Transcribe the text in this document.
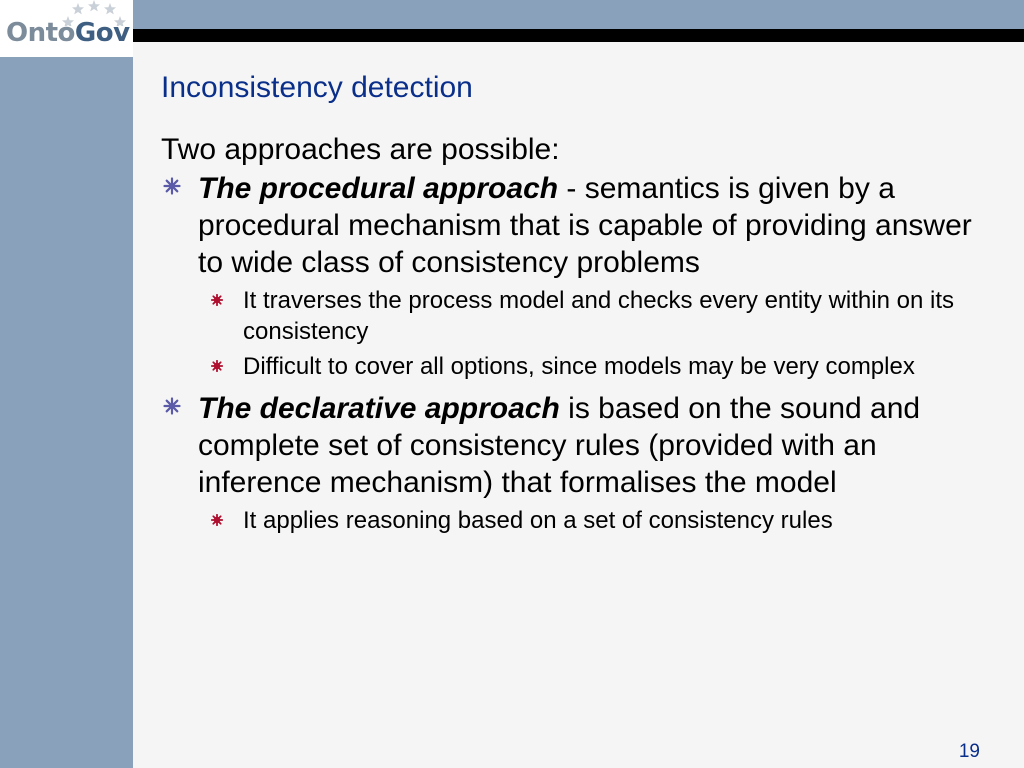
OntoGov
Inconsistency detection
Two approaches are possible:
The procedural approach - semantics is given by a procedural mechanism that is capable of providing answer to wide class of consistency problems
It traverses the process model and checks every entity within on its consistency
Difficult to cover all options, since models may be very complex
The declarative approach is based on the sound and complete set of consistency rules (provided with an inference mechanism) that formalises the model
It applies reasoning based on a set of consistency rules
19
